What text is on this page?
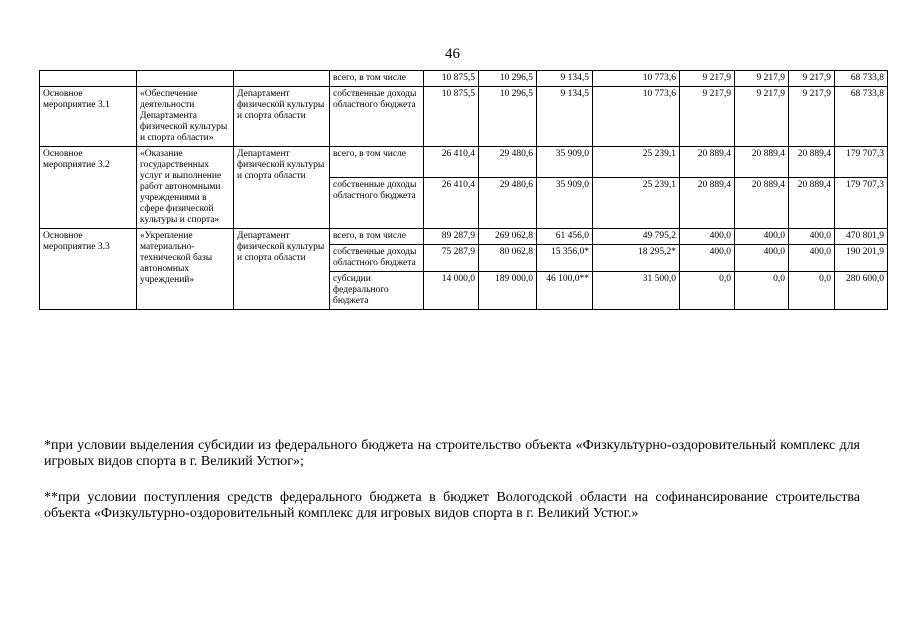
46
			всего, в том числе	10 875,5	10 296,5	9 134,5	10 773,6	9 217,9	9 217,9	9 217,9	68 733,8
Основное мероприятие 3.1	«Обеспечение деятельности Департамента физической культуры и спорта области»	Департамент физической культуры и спорта области	собственные доходы областного бюджета	10 875,5	10 296,5	9 134,5	10 773,6	9 217,9	9 217,9	9 217,9	68 733,8
Основное мероприятие 3.2	«Оказание государственных услуг и выполнение работ автономными учреждениями в сфере физической культуры и спорта»	Департамент физической культуры и спорта области	всего, в том числе	26 410,4	29 480,6	35 909,0	25 239,1	20 889,4	20 889,4	20 889,4	179 707,3
			собственные доходы областного бюджета	26 410,4	29 480,6	35 909,0	25 239,1	20 889,4	20 889,4	20 889,4	179 707,3
Основное мероприятие 3.3	«Укрепление материально-технической базы автономных учреждений»	Департамент физической культуры и спорта области	всего, в том числе	89 287,9	269 062,8	61 456,0	49 795,2	400,0	400,0	400,0	470 801,9
			собственные доходы областного бюджета	75 287,9	80 062,8	15 356,0*	18 295,2*	400,0	400,0	400,0	190 201,9
			субсидии федерального бюджета	14 000,0	189 000,0	46 100,0**	31 500,0	0,0	0,0	0,0	280 600,0
*при условии выделения субсидии из федерального бюджета на строительство объекта «Физкультурно-оздоровительный комплекс для игровых видов спорта в г. Великий Устюг»;
**при условии поступления средств федерального бюджета в бюджет Вологодской области на софинансирование строительства объекта «Физкультурно-оздоровительный комплекс для игровых видов спорта в г. Великий Устюг.»
